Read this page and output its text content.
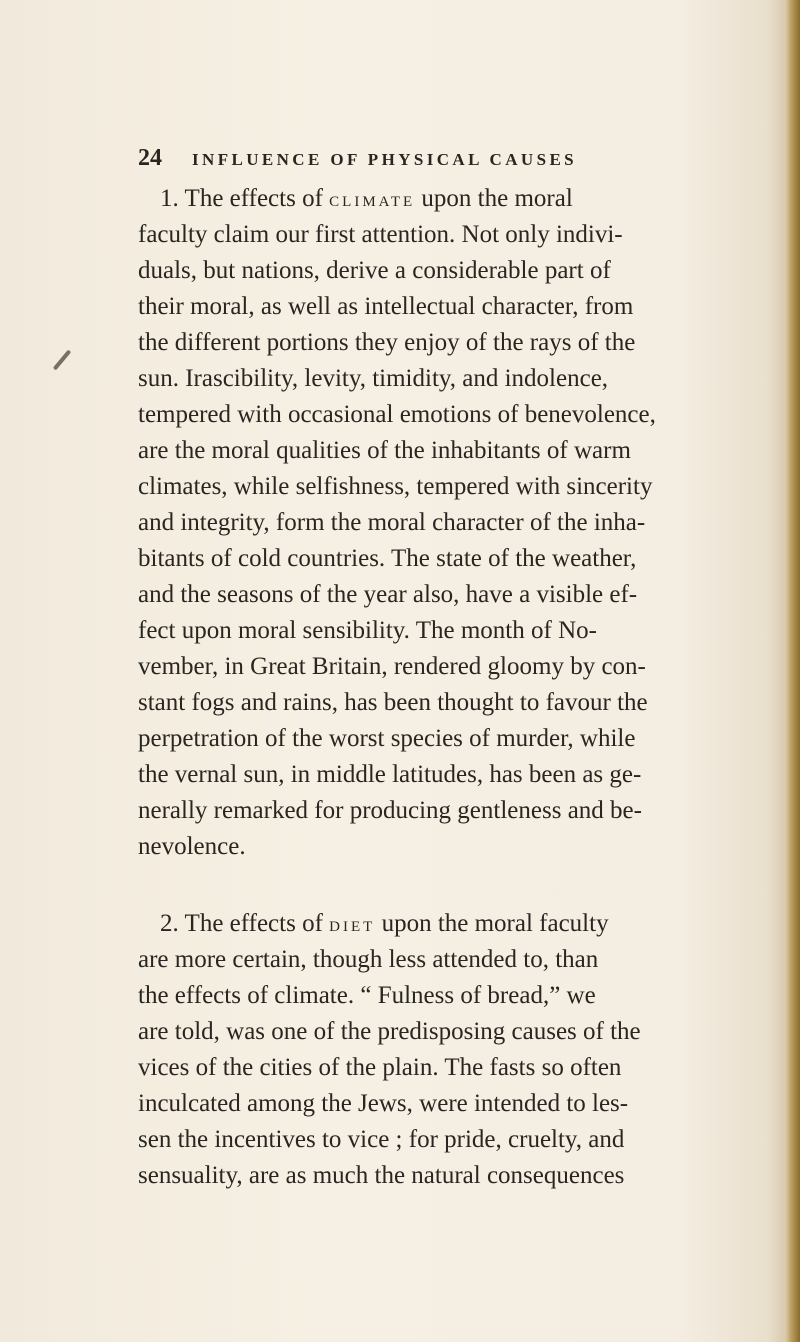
24 INFLUENCE OF PHYSICAL CAUSES
1. The effects of CLIMATE upon the moral
faculty claim our first attention. Not only indivi-
duals, but nations, derive a considerable part of
their moral, as well as intellectual character, from
the different portions they enjoy of the rays of the
sun. Irascibility, levity, timidity, and indolence,
tempered with occasional emotions of benevolence,
are the moral qualities of the inhabitants of warm
climates, while selfishness, tempered with sincerity
and integrity, form the moral character of the inha-
bitants of cold countries. The state of the weather,
and the seasons of the year also, have a visible ef-
fect upon moral sensibility. The month of No-
vember, in Great Britain, rendered gloomy by con-
stant fogs and rains, has been thought to favour the
perpetration of the worst species of murder, while
the vernal sun, in middle latitudes, has been as ge-
nerally remarked for producing gentleness and be-
nevolence.
2. The effects of DIET upon the moral faculty
are more certain, though less attended to, than
the effects of climate. “ Fulness of bread,” we
are told, was one of the predisposing causes of the
vices of the cities of the plain. The fasts so often
inculcated among the Jews, were intended to les-
sen the incentives to vice ; for pride, cruelty, and
sensuality, are as much the natural consequences
